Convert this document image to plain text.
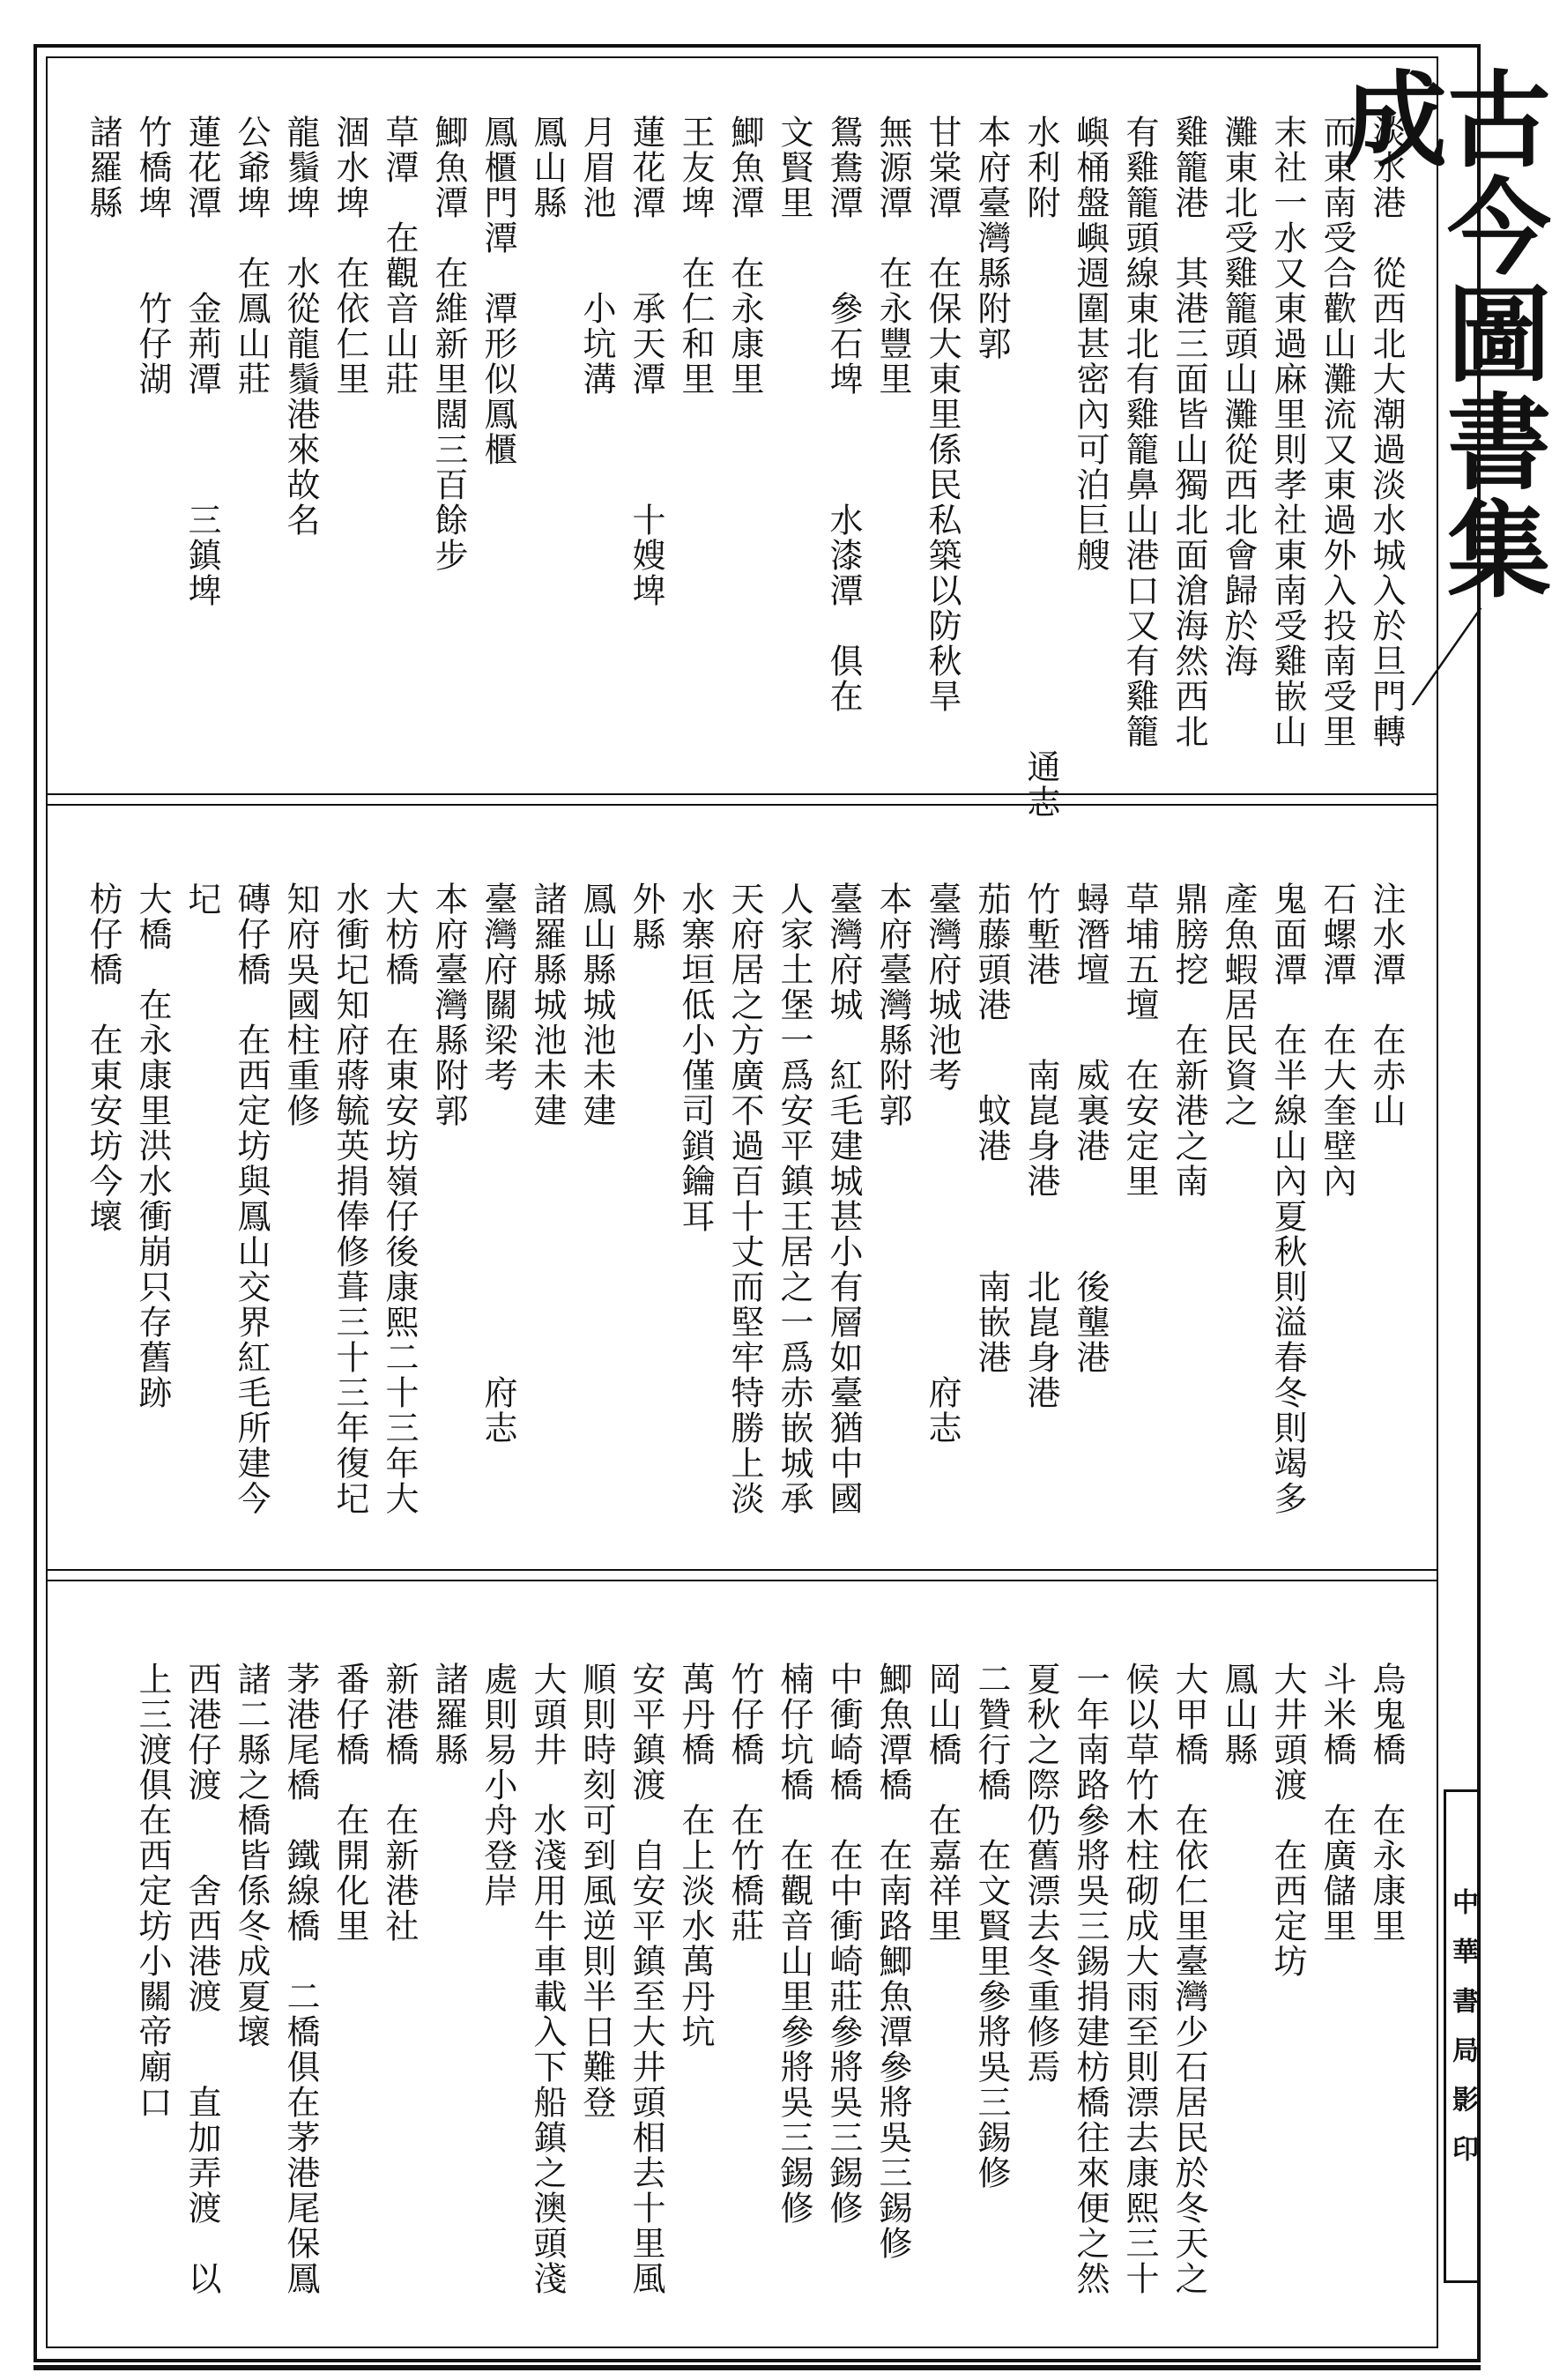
古今圖書集成
中華書局影印

淡水港　從西北大潮過淡水城入於旦門轉

而東南受合歡山灘流又東過外入投南受里

末社一水又東過麻里則孝社東南受雞嵌山

灘東北受雞籠頭山灘從西北會歸於海

雞籠港　其港三面皆山獨北面滄海然西北

有雞籠頭線東北有雞籠鼻山港口又有雞籠

嶼桶盤嶼週圍甚密內可泊巨艘

水利附　　　　　　　　　　　　　　　通志

本府臺灣縣附郭

甘棠潭　在保大東里係民私築以防秋旱

無源潭　在永豐里

鴛鴦潭　　參石埤　　　水漆潭　俱在

文賢里

鯽魚潭　在永康里

王友埤　在仁和里

蓮花潭　　承天潭　　　十嫂埤

月眉池　　小坑溝

鳳山縣

鳳櫃門潭　潭形似鳳櫃

鯽魚潭　在維新里闊三百餘步

草潭　在觀音山莊

涸水埤　在依仁里

龍鬚埤　水從龍鬚港來故名

公爺埤　在鳳山莊

蓮花潭　　金荊潭　　　三鎮埤

竹橋埤　　竹仔湖

諸羅縣

注水潭　在赤山

石螺潭　在大奎壁內

鬼面潭　在半線山內夏秋則溢春冬則竭多

產魚蝦居民資之

鼎膀挖　在新港之南

草埔五壇　在安定里

蟳潛壇　　威裏港　　　後壟港

竹塹港　　南崑身港　　北崑身港

茄藤頭港　　蚊港　　　南嵌港

臺灣府城池考　　　　　　　　府志

本府臺灣縣附郭

臺灣府城　紅毛建城甚小有層如臺猶中國

人家土堡一爲安平鎮王居之一爲赤嵌城承

天府居之方廣不過百十丈而堅牢特勝上淡

水寨垣低小僅司鎖鑰耳

外縣

鳳山縣城池未建

諸羅縣城池未建

臺灣府關梁考　　　　　　　　府志

本府臺灣縣附郭

大枋橋　在東安坊嶺仔後康熙二十三年大

水衝圮知府蔣毓英捐俸修葺三十三年復圮

知府吳國柱重修

磚仔橋　在西定坊與鳳山交界紅毛所建今

圮

大橋　在永康里洪水衝崩只存舊跡

枋仔橋　在東安坊今壞

烏鬼橋　在永康里

斗米橋　在廣儲里

大井頭渡　在西定坊

鳳山縣

大甲橋　在依仁里臺灣少石居民於冬天之

候以草竹木柱砌成大雨至則漂去康熙三十

一年南路參將吳三錫捐建枋橋往來便之然

夏秋之際仍舊漂去冬重修焉

二贊行橋　在文賢里參將吳三錫修

岡山橋　在嘉祥里

鯽魚潭橋　在南路鯽魚潭參將吳三錫修

中衝崎橋　在中衝崎莊參將吳三錫修

楠仔坑橋　在觀音山里參將吳三錫修

竹仔橋　在竹橋莊

萬丹橋　在上淡水萬丹坑

安平鎮渡　自安平鎮至大井頭相去十里風

順則時刻可到風逆則半日難登

大頭井　水淺用牛車載入下船鎮之澳頭淺

處則易小舟登岸

諸羅縣

新港橋　在新港社

番仔橋　在開化里

茅港尾橋　鐵線橋　二橋俱在茅港尾保鳳

諸二縣之橋皆係冬成夏壞

西港仔渡　　舍西港渡　　直加弄渡　以

上三渡俱在西定坊小關帝廟口
